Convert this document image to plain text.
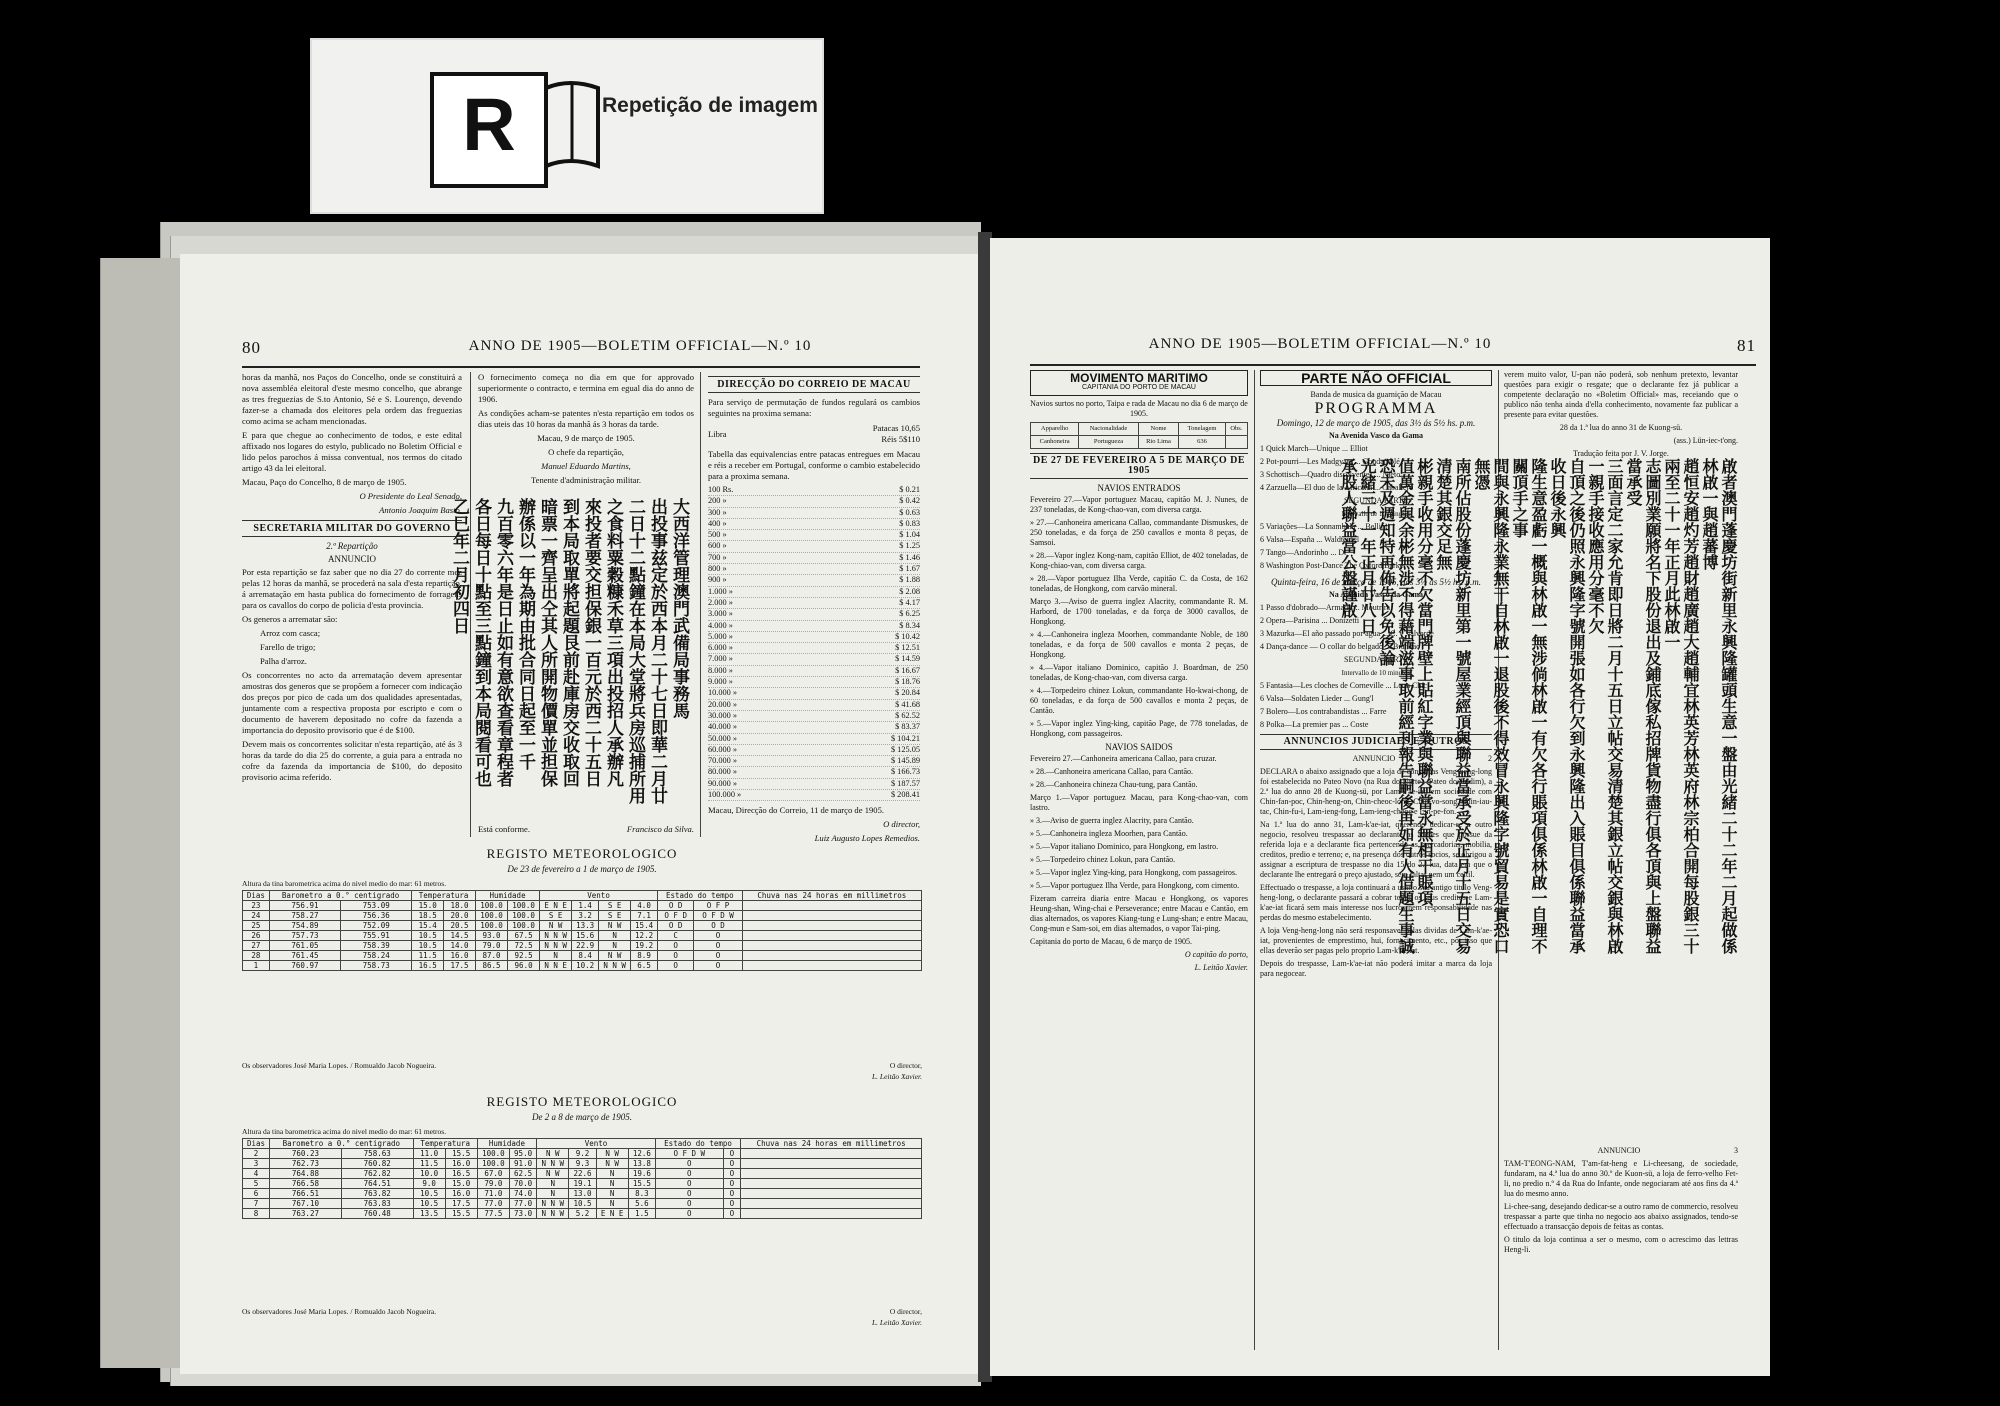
R	Repetição de imagem
80	ANNO DE 1905—BOLETIM OFFICIAL—N.º 10

horas da manhã, nos Paços do Concelho, onde se constituirá a nova assembléa eleitoral d'este mesmo concelho, que abrange as tres freguezias de S.to Antonio, Sé e S. Lourenço, devendo fazer-se a chamada dos eleitores pela ordem das freguezias como acima se acham mencionadas.

E para que chegue ao conhecimento de todos, e este edital affixado nos logares do estylo, publicado no Boletim Official e lido pelos parochos á missa conventual, nos termos do citado artigo 43 da lei eleitoral.

Macau, Paço do Concelho, 8 de março de 1905.

O Presidente do Leal Senado,

Antonio Joaquim Basto.

SECRETARIA MILITAR DO GOVERNO
2.ª Repartição
ANNUNCIO

Por esta repartição se faz saber que no dia 27 do corrente mez pelas 12 horas da manhã, se procederá na sala d'esta repartição, á arrematação em hasta publica do fornecimento de forragens para os cavallos do corpo de policia d'esta provincia.

Os generos a arrematar são:

Arroz com casca;

Farello de trigo;

Palha d'arroz.

Os concorrentes no acto da arrematação devem apresentar amostras dos generos que se propõem a fornecer com indicação dos preços por pico de cada um dos qualidades apresentadas, juntamente com a respectiva proposta por escripto e com o documento de haverem depositado no cofre da fazenda a importancia do deposito provisorio que é de $100.

Devem mais os concorrentes solicitar n'esta repartição, até ás 3 horas da tarde do dia 25 do corrente, a guia para a entrada no cofre da fazenda da importancia de $100, do deposito provisorio acima referido.

O fornecimento começa no dia em que for approvado superiormente o contracto, e termina em egual dia do anno de 1906.

As condições acham-se patentes n'esta repartição em todos os dias uteis das 10 horas da manhã ás 3 horas da tarde.

Macau, 9 de março de 1905.

O chefe da repartição,

Manuel Eduardo Martins,

Tenente d'administração militar.

大西洋管理澳門武備局事務馬
出投事兹定於西本月二十七日即華二月廿
二日十二點鐘在本局大堂將兵房巡捕所用
之食料粟穀糠禾草三項出投招人承辦凡
來投者要交担保銀一百元於西二十五日
到本局取單將起題艮前赴庫房交收取回
暗票一齊呈出仝其人所開物價單並担保
辦係以一年為期由批合同日起至一千
九百零六年是日止如有意欲查看章程者
各日每日十點至三點鐘到本局閱看可也
乙巳年二月初四日
Está conforme.	Francisco da Silva.
DIRECÇÃO DO CORREIO DE MACAU

Para serviço de permutação de fundos regulará os cambios seguintes na proxima semana:

Libra
Patacas 10,65
Réis 5$110

Tabella das equivalencias entre patacas entregues em Macau e réis a receber em Portugal, conforme o cambio estabelecido para a proxima semana.

100 Rs.	$ 0.21
200 »	$ 0.42
300 »	$ 0.63
400 »	$ 0.83
500 »	$ 1.04
600 »	$ 1.25
700 »	$ 1.46
800 »	$ 1.67
900 »	$ 1.88
1.000 »	$ 2.08
2.000 »	$ 4.17
3.000 »	$ 6.25
4.000 »	$ 8.34
5.000 »	$ 10.42
6.000 »	$ 12.51
7.000 »	$ 14.59
8.000 »	$ 16.67
9.000 »	$ 18.76
10.000 »	$ 20.84
20.000 »	$ 41.68
30.000 »	$ 62.52
40.000 »	$ 83.37
50.000 »	$ 104.21
60.000 »	$ 125.05
70.000 »	$ 145.89
80.000 »	$ 166.73
90.000 »	$ 187.57
100.000 »	$ 208.41

Macau, Direcção do Correio, 11 de março de 1905.

O director,

Luiz Augusto Lopes Remedios.

REGISTO METEOROLOGICO
De 23 de fevereiro a 1 de março de 1905.
Altura da tina barometrica acima do nivel medio do mar: 61 metros.
Dias	Barometro a 0.° centigrado		Temperatura		Humidade		Vento				Estado do tempo		Chuva nas 24 horas em millimetros
23	756.91	753.09	15.0	18.0	100.0	100.0	E N E	1.4	S E	4.0	O D	O F P	
24	758.27	756.36	18.5	20.0	100.0	100.0	S E	3.2	S E	7.1	O F D	O F D W	
25	754.89	752.09	15.4	20.5	100.0	100.0	N W	13.3	N W	15.4	O D	O D	
26	757.73	755.91	10.5	14.5	93.0	67.5	N N W	15.6	N	12.2	C	O	
27	761.05	758.39	10.5	14.0	79.0	72.5	N N W	22.9	N	19.2	O	O	
28	761.45	758.24	11.5	16.0	87.0	92.5	N	8.4	N W	8.9	O	O	
1	760.97	758.73	16.5	17.5	86.5	96.0	N N E	10.2	N N W	6.5	O	O	
Os observadores José Maria Lopes. / Romualdo Jacob Nogueira.	O director,
L. Leitão Xavier.
REGISTO METEOROLOGICO
De 2 a 8 de março de 1905.
Altura da tina barometrica acima do nivel medio do mar: 61 metros.
Dias	Barometro a 0.° centigrado		Temperatura		Humidade		Vento				Estado do tempo		Chuva nas 24 horas em millimetros
2	760.23	758.63	11.0	15.5	100.0	95.0	N W	9.2	N W	12.6	O F D W	O	
3	762.73	760.82	11.5	16.0	100.0	91.0	N N W	9.3	N W	13.8	O	O	
4	764.88	762.82	10.0	16.5	67.0	62.5	N W	22.6	N	19.6	O	O	
5	766.58	764.51	9.0	15.0	79.0	70.0	N	19.1	N	15.5	O	O	
6	766.51	763.82	10.5	16.0	71.0	74.0	N	13.0	N	8.3	O	O	
7	767.10	763.83	10.5	17.5	77.0	77.0	N N W	10.5	N	5.6	O	O	
8	763.27	760.48	13.5	15.5	77.5	73.0	N N W	5.2	E N E	1.5	O	O	
Os observadores José Maria Lopes. / Romualdo Jacob Nogueira.	O director,
L. Leitão Xavier.
ANNO DE 1905—BOLETIM OFFICIAL—N.º 10	81
MOVIMENTO MARITIMO
CAPITANIA DO PORTO DE MACAU

Navios surtos no porto, Taipa e rada de Macau no dia 6 de março de 1905.

Apparelho	Nacionalidade	Nome	Tonelagem	Obs.
Canhoneira	Portugueza	Rio Lima	636	
DE 27 DE FEVEREIRO A 5 DE MARÇO DE 1905
NAVIOS ENTRADOS

Fevereiro 27.—Vapor portuguez Macau, capitão M. J. Nunes, de 237 toneladas, de Kong-chao-van, com diversa carga.

» 27.—Canhoneira americana Callao, commandante Dismuskes, de 250 toneladas, e da força de 250 cavallos e monta 8 peças, de Samsoi.

» 28.—Vapor inglez Kong-nam, capitão Elliot, de 402 toneladas, de Kong-chiao-van, com diversa carga.

» 28.—Vapor portuguez Ilha Verde, capitão C. da Costa, de 162 toneladas, de Hongkong, com carvão mineral.

Março 3.—Aviso de guerra inglez Alacrity, commandante R. M. Harbord, de 1700 toneladas, e da força de 3000 cavallos, de Hongkong.

» 4.—Canhoneira ingleza Moorhen, commandante Noble, de 180 toneladas, e da força de 500 cavallos e monta 2 peças, de Hongkong.

» 4.—Vapor italiano Dominico, capitão J. Boardman, de 250 toneladas, de Kong-chao-van, com diversa carga.

» 4.—Torpedeiro chinez Lokun, commandante Ho-kwai-chong, de 60 toneladas, e da força de 500 cavallos e monta 2 peças, de Cantão.

» 5.—Vapor inglez Ying-king, capitão Page, de 778 toneladas, de Hongkong, com passageiros.

NAVIOS SAIDOS

Fevereiro 27.—Canhoneira americana Callao, para cruzar.

» 28.—Canhoneira americana Callao, para Cantão.

» 28.—Canhoneira chineza Chau-tung, para Cantão.

Março 1.—Vapor portuguez Macau, para Kong-chao-van, com lastro.

» 3.—Aviso de guerra inglez Alacrity, para Cantão.

» 5.—Canhoneira ingleza Moorhen, para Cantão.

» 5.—Vapor italiano Dominico, para Hongkong, em lastro.

» 5.—Torpedeiro chinez Lokun, para Cantão.

» 5.—Vapor inglez Ying-king, para Hongkong, com passageiros.

» 5.—Vapor portuguez Ilha Verde, para Hongkong, com cimento.

Fizeram carreira diaria entre Macau e Hongkong, os vapores Heung-shan, Wing-chai e Perseverance; entre Macau e Cantão, em dias alternados, os vapores Kiang-tung e Lung-shan; e entre Macau, Cong-mun e Sam-soi, em dias alternados, o vapor Tai-ping.

Capitania do porto de Macau, 6 de março de 1905.

O capitão do porto,

L. Leitão Xavier.

PARTE NÃO OFFICIAL

Banda de musica da guarnição de Macau

PROGRAMMA

Domingo, 12 de março de 1905, das 3½ ás 5½ hs. p.m.

Na Avenida Vasco da Gama

1 Quick March—Unique ... Elliot

2 Pot-pourri—Les Madgyars ... Gondamblé

3 Schottisch—Quadro dissolventes ... Nieto

4 Zarzuella—El duo de la Africana ... Caballero

SEGUNDA PARTE

Intervallo de 10 minutos

5 Variações—La Sonnambula ... Bellini

6 Valsa—España ... Waldteufel

7 Tango—Andorinho ... D.

8 Washington Post-Dance The Oxford Barker

Quinta-feira, 16 de março de 1905, das 3½ ás 5½ hs. p.m.

Na Avenida Vasco da Gama

1 Passo d'dobrado—Armada ... Moutrira

2 Opera—Parisina ... Donizetti

3 Mazurka—El año passado por agua ... C. y Valverde

4 Dança-dance — O collar do belgado ... Brandão

SEGUNDA PARTE

Intervallo de 10 minutos

5 Fantasia—Les cloches de Corneville ... Leon Chic

6 Valsa—Soldaten Lieder ... Gung'l

7 Bolero—Los contrabandistas ... Farre

8 Polka—La premier pas ... Coste

ANNUNCIOS JUDICIAES E OUTROS

ANNUNCIO	2

DECLARA o abaixo assignado que a loja de conservas Veng-heng-long foi estabelecida no Pateo Novo (na Rua do Norte—Pateo do Jardim), a 2.ª lua do anno 28 de Kuong-sü, por Lam-k'ae-iat, em sociedade com Chin-fan-poc, Chin-heng-on, Chin-cheoc-long, Chin-vo-song, Chin-iau-tac, Chin-fu-i, Lam-ieng-fong, Lam-ieng-cheoc e Lin-pe-fon.

Na 1.ª lua do anno 31, Lam-k'ae-iat, querendo dedicar-se a outro negocio, resolveu trespassar ao declarante as acções que possue da referida loja e a declarante fica pertencendo as mercadorias, mobilia, creditos, predio e terreno; e, na presença dos outros socios, se obrigou a assignar a escriptura de trespasse no dia 15 do 2.ª lua, data em que o declarante lhe entregará o preço ajustado, sem faltar nem um ceitil.

Effectuado o trespasse, a loja continuará a usar o seu antigo titulo Veng-heng-long, o declarante passará a cobrar todos os seus creditos e Lam-k'ae-iat ficará sem mais interesse nos lucros nem responsabilidade nas perdas do mesmo estabelecimento.

A loja Veng-heng-long não será responsavel pelas dividas de Lam-k'ae-iat, provenientes de emprestimo, hui, fornecimento, etc., por isso que ellas deverão ser pagas pelo proprio Lam-k'ae-iat.

Depois do trespasse, Lam-k'ae-iat não poderá imitar a marca da loja para negocear.

verem muito valor, U-pan não poderá, sob nenhum pretexto, levantar questões para exigir o resgate; que o declarante fez já publicar a competente declaração no «Boletim Official» mas, receiando que o publico não tenha ainda d'ella conhecimento, novamente faz publicar a presente para evitar questões.

28 da 1.ª lua do anno 31 de Kuong-sü.

(ass.) Lün-iec-t'ong.

Tradução feita por J. V. Jorge.

啟者澳門蓬慶坊街新里永興隆罐頭生意一盤由光緒二十二年二月起做係林啟一與趙蕃博
趙恒安趙灼芳趙財趙廣趙大趙輔宜林英芳林英府林宗柏合開每股銀三十兩至二十一年正月此林啟一
志圖別業願將名下股份退出及鋪底傢私招牌貨物盡行俱各頂與上盤聯益當承受
三面言定二家允肯即日將二月十五日立帖交易清楚其銀立帖交銀與林啟一親手接收應用分毫不欠
自頂之後仍照永興隆字號開張如各行欠到永興隆出入賬目俱係聯益當承收日後永興
隆生意盈虧一概與林啟一無涉倘林啟一有欠各行賬項俱係林啟一自理不關頂手之事
間與永興隆永業無干自林啟一退股後不得效冒永興隆字號貿易是實恐口無憑
南所佔股份蓬慶坊新里第一號屋業經頂與聯益當承受於正月十五日交易清楚其銀交足無
彬親手收用分毫不欠當門牌壁上貼紅字業與聯益當永無相干賬項
值萬金與余彬無涉不得藉端滋事取前經刊報告嗣後再如有人借題生事誠恐未及週知特再佈告以免後論
光緒三十一年正月廿八日
承股人聯益當公盤謹啟

ANNUNCIO	3

TAM-T'EONG-NAM, T'am-fat-heng e Li-cheesang, de sociedade, fundaram, na 4.ª lua do anno 30.º de Kuon-sü, a loja de ferro-velho Fet-li, no predio n.º 4 da Rua do Infante, onde negociaram até aos fins da 4.ª lua do mesmo anno.

Li-chee-sang, desejando dedicar-se a outro ramo de commercio, resolveu trespassar a parte que tinha no negocio aos abaixo assignados, tendo-se effectuado a transacção depois de feitas as contas.

O titulo da loja continua a ser o mesmo, com o acrescimo das lettras Heng-li.
